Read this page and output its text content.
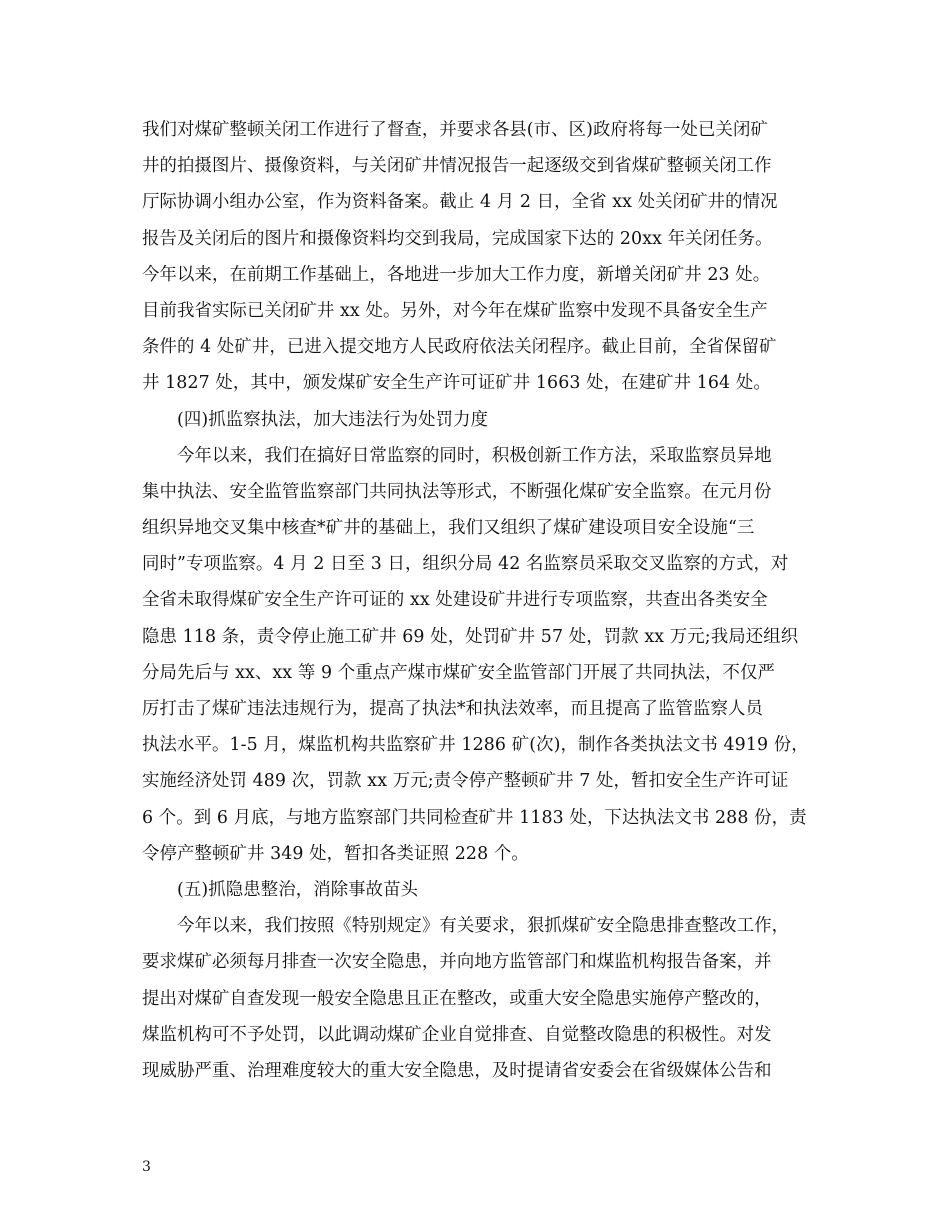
我们对煤矿整顿关闭工作进行了督查，并要求各县(市、区)政府将每一处已关闭矿
井的拍摄图片、摄像资料，与关闭矿井情况报告一起逐级交到省煤矿整顿关闭工作
厅际协调小组办公室，作为资料备案。截止 4 月 2 日，全省 xx 处关闭矿井的情况
报告及关闭后的图片和摄像资料均交到我局，完成国家下达的 20xx 年关闭任务。
今年以来，在前期工作基础上，各地进一步加大工作力度，新增关闭矿井 23 处。
目前我省实际已关闭矿井 xx 处。另外，对今年在煤矿监察中发现不具备安全生产
条件的 4 处矿井，已进入提交地方人民政府依法关闭程序。截止目前，全省保留矿
井 1827 处，其中，颁发煤矿安全生产许可证矿井 1663 处，在建矿井 164 处。
(四)抓监察执法，加大违法行为处罚力度
今年以来，我们在搞好日常监察的同时，积极创新工作方法，采取监察员异地
集中执法、安全监管监察部门共同执法等形式，不断强化煤矿安全监察。在元月份
组织异地交叉集中核查*矿井的基础上，我们又组织了煤矿建设项目安全设施“三
同时”专项监察。4 月 2 日至 3 日，组织分局 42 名监察员采取交叉监察的方式，对
全省未取得煤矿安全生产许可证的 xx 处建设矿井进行专项监察，共查出各类安全
隐患 118 条，责令停止施工矿井 69 处，处罚矿井 57 处，罚款 xx 万元;我局还组织
分局先后与 xx、xx 等 9 个重点产煤市煤矿安全监管部门开展了共同执法，不仅严
厉打击了煤矿违法违规行为，提高了执法*和执法效率，而且提高了监管监察人员
执法水平。1-5 月，煤监机构共监察矿井 1286 矿(次)，制作各类执法文书 4919 份，
实施经济处罚 489 次，罚款 xx 万元;责令停产整顿矿井 7 处，暂扣安全生产许可证
6 个。到 6 月底，与地方监察部门共同检查矿井 1183 处，下达执法文书 288 份，责
令停产整顿矿井 349 处，暂扣各类证照 228 个。
(五)抓隐患整治，消除事故苗头
今年以来，我们按照《特别规定》有关要求，狠抓煤矿安全隐患排查整改工作，
要求煤矿必须每月排查一次安全隐患，并向地方监管部门和煤监机构报告备案，并
提出对煤矿自查发现一般安全隐患且正在整改，或重大安全隐患实施停产整改的，
煤监机构可不予处罚，以此调动煤矿企业自觉排查、自觉整改隐患的积极性。对发
现威胁严重、治理难度较大的重大安全隐患，及时提请省安委会在省级媒体公告和
3
